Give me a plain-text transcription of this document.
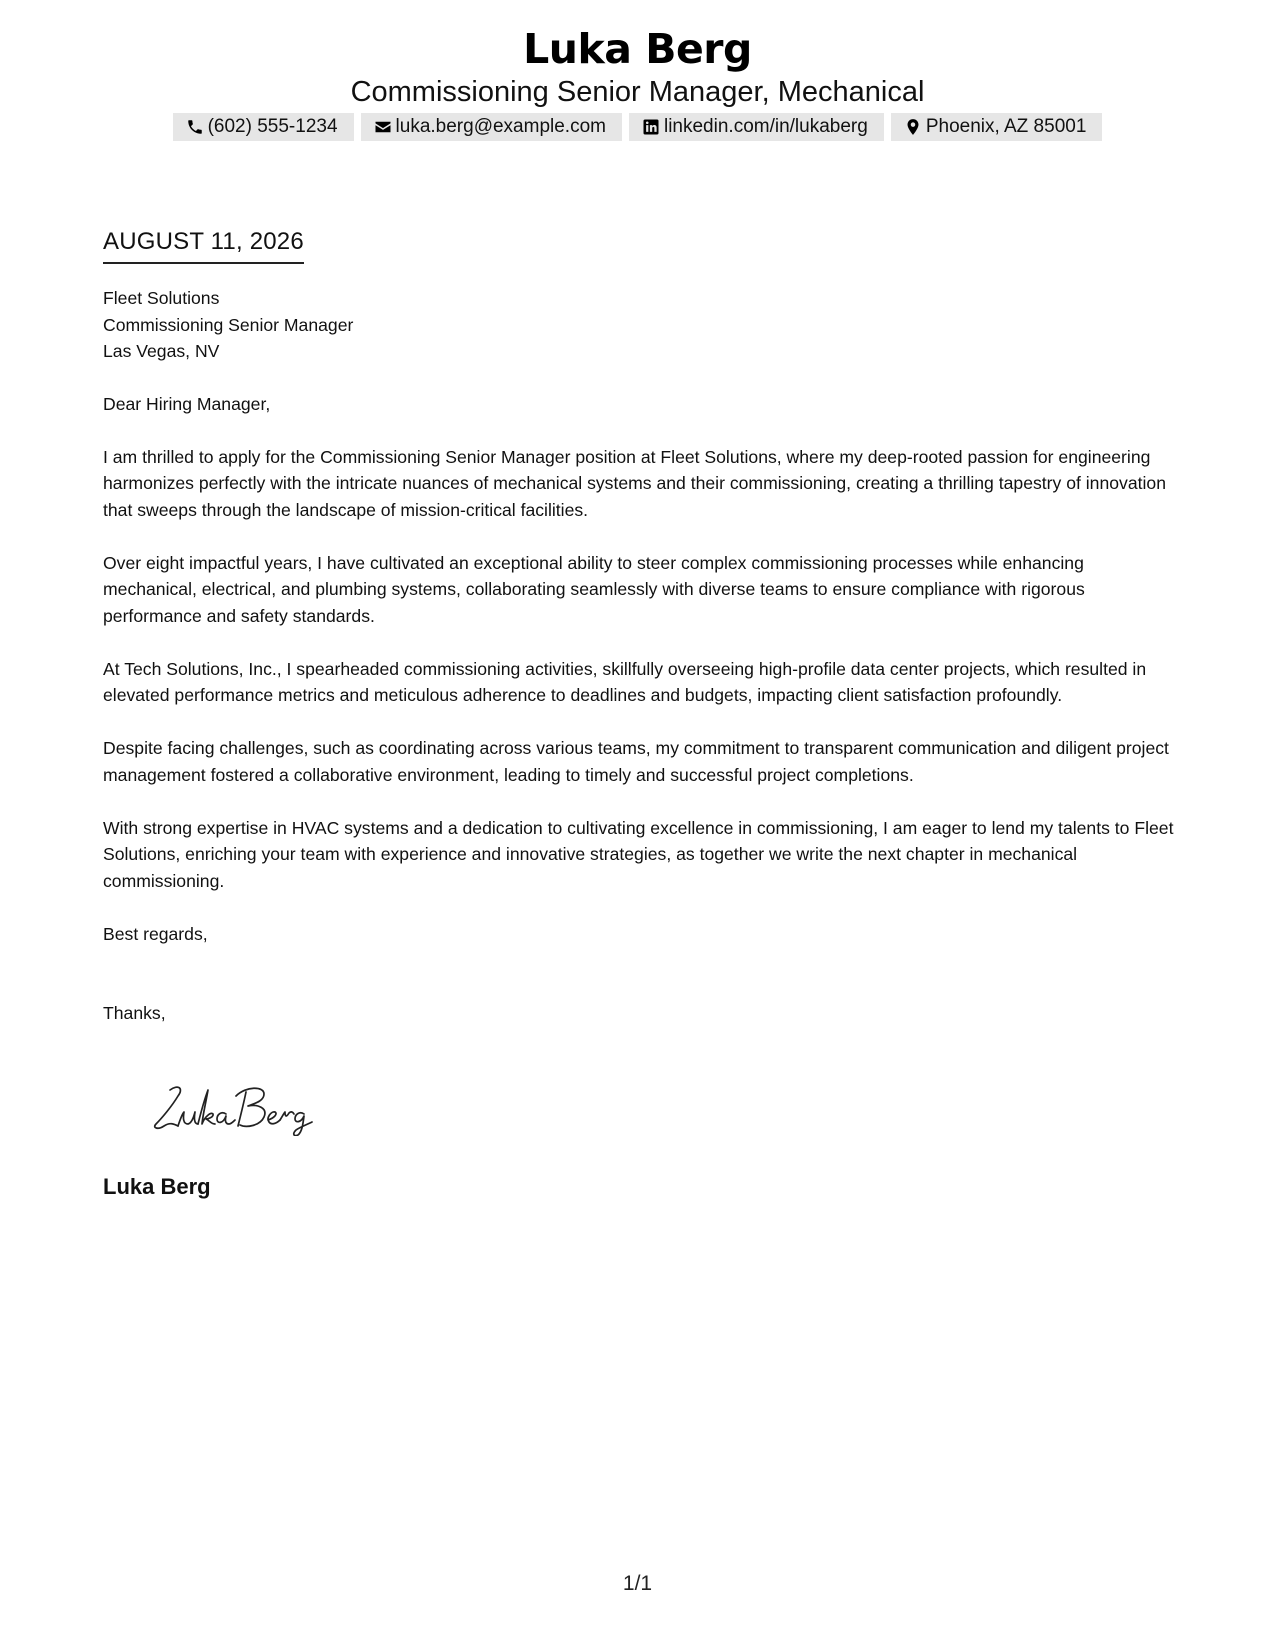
Luka Berg
Commissioning Senior Manager, Mechanical
(602) 555-1234	luka.berg@example.com	linkedin.com/in/lukaberg	Phoenix, AZ 85001
AUGUST 11, 2026
Fleet Solutions
Commissioning Senior Manager
Las Vegas, NV

Dear Hiring Manager,

I am thrilled to apply for the Commissioning Senior Manager position at Fleet Solutions, where my deep-rooted passion for engineering harmonizes perfectly with the intricate nuances of mechanical systems and their commissioning, creating a thrilling tapestry of innovation that sweeps through the landscape of mission-critical facilities.

Over eight impactful years, I have cultivated an exceptional ability to steer complex commissioning processes while enhancing mechanical, electrical, and plumbing systems, collaborating seamlessly with diverse teams to ensure compliance with rigorous performance and safety standards.

At Tech Solutions, Inc., I spearheaded commissioning activities, skillfully overseeing high-profile data center projects, which resulted in elevated performance metrics and meticulous adherence to deadlines and budgets, impacting client satisfaction profoundly.

Despite facing challenges, such as coordinating across various teams, my commitment to transparent communication and diligent project management fostered a collaborative environment, leading to timely and successful project completions.

With strong expertise in HVAC systems and a dedication to cultivating excellence in commissioning, I am eager to lend my talents to Fleet Solutions, enriching your team with experience and innovative strategies, as together we write the next chapter in mechanical commissioning.

Best regards,

Thanks,

Luka Berg
1/1
